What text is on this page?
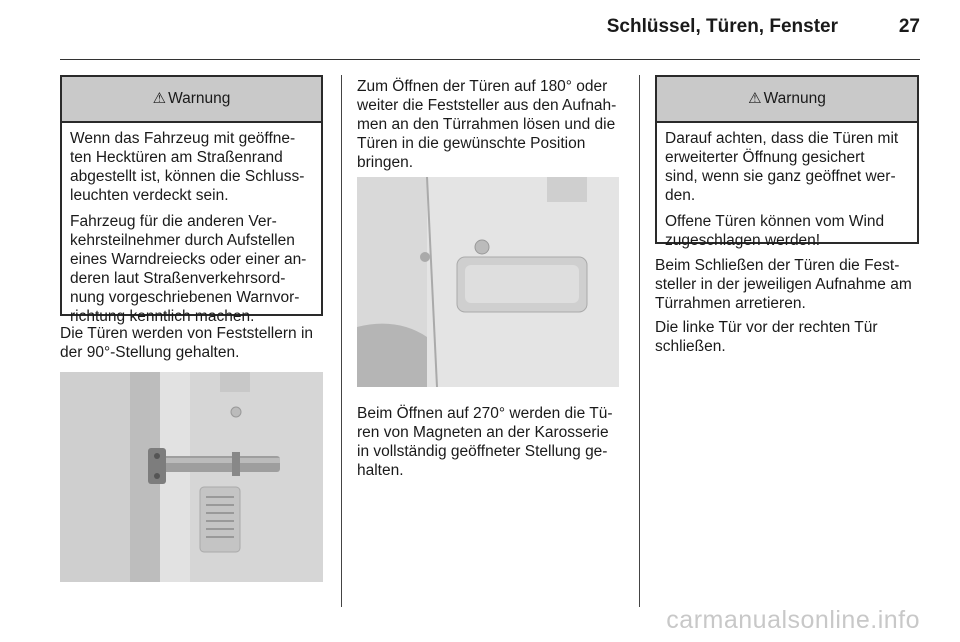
Schlüssel, Türen, Fenster	27
⚠ Warnung

Wenn das Fahrzeug mit geöffne-
ten Hecktüren am Straßenrand
abgestellt ist, können die Schluss-
leuchten verdeckt sein.

Fahrzeug für die anderen Ver-
kehrsteilnehmer durch Aufstellen
eines Warndreiecks oder einer an-
deren laut Straßenverkehrsord-
nung vorgeschriebenen Warnvor-
richtung kenntlich machen.

Die Türen werden von Feststellern in
der 90°-Stellung gehalten.

Zum Öffnen der Türen auf 180° oder
weiter die Feststeller aus den Aufnah-
men an den Türrahmen lösen und die
Türen in die gewünschte Position
bringen.

Beim Öffnen auf 270° werden die Tü-
ren von Magneten an der Karosserie
in vollständig geöffneter Stellung ge-
halten.

⚠ Warnung

Darauf achten, dass die Türen mit
erweiterter Öffnung gesichert
sind, wenn sie ganz geöffnet wer-
den.

Offene Türen können vom Wind
zugeschlagen werden!

Beim Schließen der Türen die Fest-
steller in der jeweiligen Aufnahme am
Türrahmen arretieren.

Die linke Tür vor der rechten Tür
schließen.

carmanualsonline.info
